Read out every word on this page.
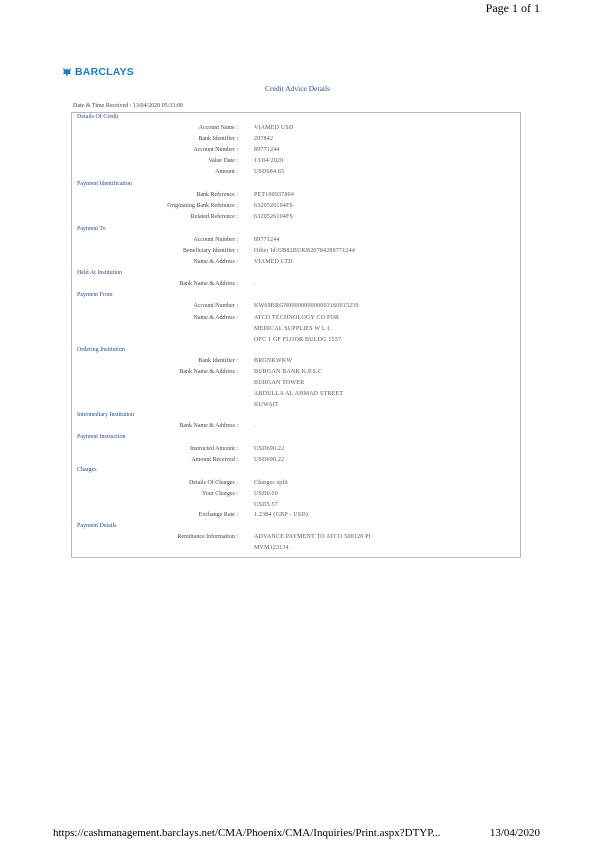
Page 1 of 1
BARCLAYS
Credit Advice Details
Date & Time Received : 13/04/2020 05:33:00
Details Of Credit
Account Name :	VIAMED USD
Bank Identifier :	207842
Account Number :	89771244
Value Date :	13/04/2020
Amount :	USD684.65
Payment Identification
Bank Reference :	PET100937804
Originating Bank Reference :	6320526104FS
Related Reference :	6320526104FS
Payment To
Account Number :	89771244
Beneficiary Identifier :	Other Id:GB82BUKB20784289771244
Name & Address :	VIAMED LTD
Held At Institution
Bank Name & Address :	.
Payment From
Account Number :	KW69BRGN0000000000003160015239
Name & Address :	ATCO TECHNOLOGY CO FOR
MEDICAL SUPPLIES W L L
OFC 1 GF FLOOR BULDG 1537
Ordering Institution
Bank Identifier :	BRGNKWKW
Bank Name & Address :	BURGAN BANK K.P.S.C
BURGAN TOWER
ABDULLA AL AHMAD STREET
KUWAIT
Intermediary Institution
Bank Name & Address :	.
Payment Instruction
Instructed Amount :	USD690.22
Amount Received :	USD690.22
Charges
Details Of Charges :	Charges split
Your Charges :	USD0.00
USD5.57
Exchange Rate :	1.2384 (GBP - USD)
Payment Details
Remittance Information :	ADVANCE PAYMENT TO ATCO 500120 PI
MVM123134
https://cashmanagement.barclays.net/CMA/Phoenix/CMA/Inquiries/Print.aspx?DTYP...	13/04/2020
